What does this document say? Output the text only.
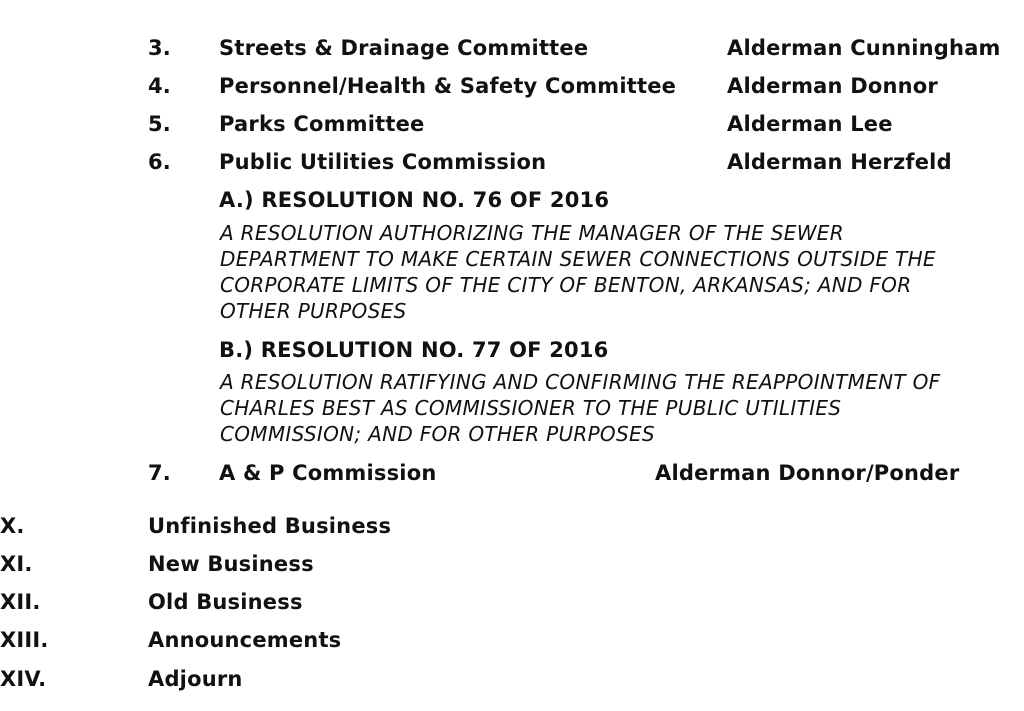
3. Streets & Drainage Committee	Alderman Cunningham
4. Personnel/Health & Safety Committee Alderman Donnor
5. Parks Committee	Alderman Lee
6. Public Utilities Commission	Alderman Herzfeld
A.) RESOLUTION NO. 76 OF 2016
A RESOLUTION AUTHORIZING THE MANAGER OF THE SEWER
DEPARTMENT TO MAKE CERTAIN SEWER CONNECTIONS OUTSIDE THE
CORPORATE LIMITS OF THE CITY OF BENTON, ARKANSAS; AND FOR
OTHER PURPOSES
B.) RESOLUTION NO. 77 OF 2016
A RESOLUTION RATIFYING AND CONFIRMING THE REAPPOINTMENT OF
CHARLES BEST AS COMMISSIONER TO THE PUBLIC UTILITIES
COMMISSION; AND FOR OTHER PURPOSES
7. A & P Commission	Alderman Donnor/Ponder
X.	Unfinished Business
XI.	New Business
XII.	Old Business
XIII.	Announcements
XIV.	Adjourn
